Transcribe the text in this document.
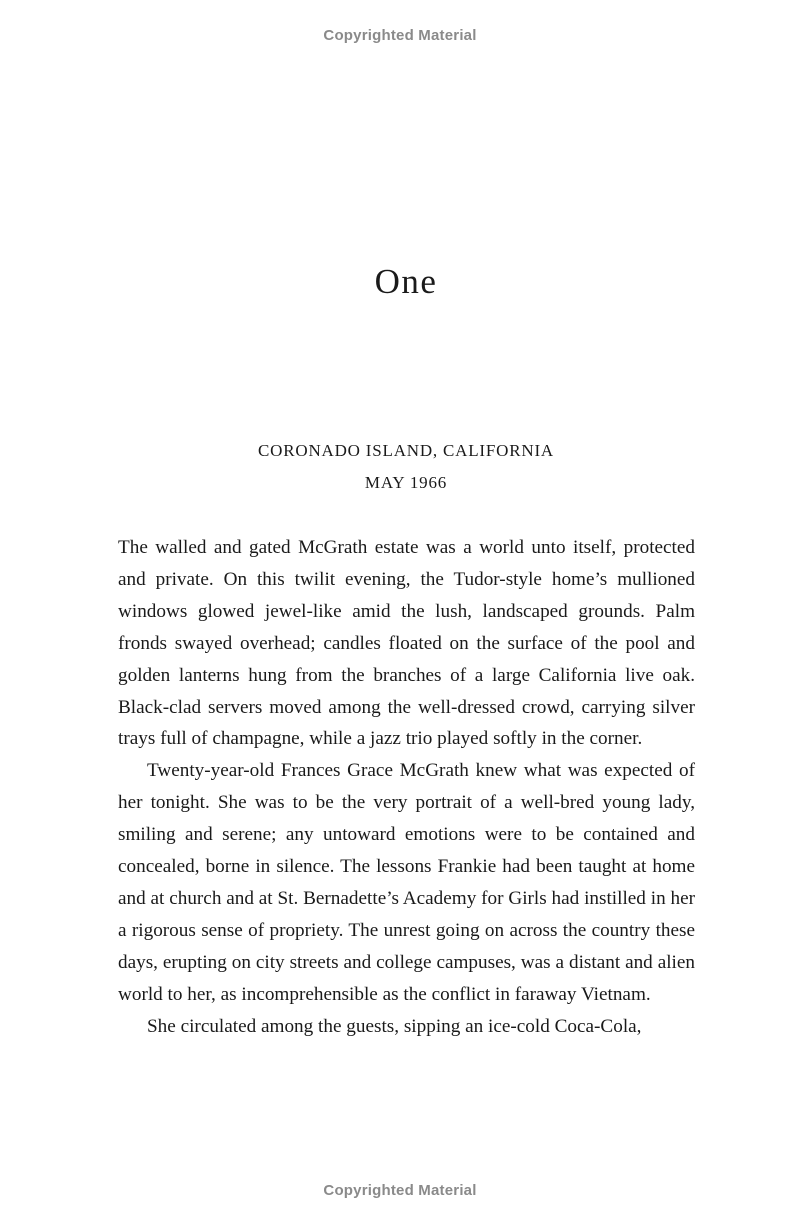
Copyrighted Material
One
CORONADO ISLAND, CALIFORNIA
MAY 1966

The walled and gated McGrath estate was a world unto itself, protected and private. On this twilit evening, the Tudor-style home’s mullioned windows glowed jewel-like amid the lush, landscaped grounds. Palm fronds swayed overhead; candles floated on the surface of the pool and golden lanterns hung from the branches of a large California live oak. Black-clad servers moved among the well-dressed crowd, carrying silver trays full of champagne, while a jazz trio played softly in the corner.

Twenty-year-old Frances Grace McGrath knew what was expected of her tonight. She was to be the very portrait of a well-bred young lady, smiling and serene; any untoward emotions were to be contained and concealed, borne in silence. The lessons Frankie had been taught at home and at church and at St. Bernadette’s Academy for Girls had instilled in her a rigorous sense of propriety. The unrest going on across the country these days, erupting on city streets and college campuses, was a distant and alien world to her, as incomprehensible as the conflict in faraway Vietnam.

She circulated among the guests, sipping an ice-cold Coca-Cola,

Copyrighted Material
